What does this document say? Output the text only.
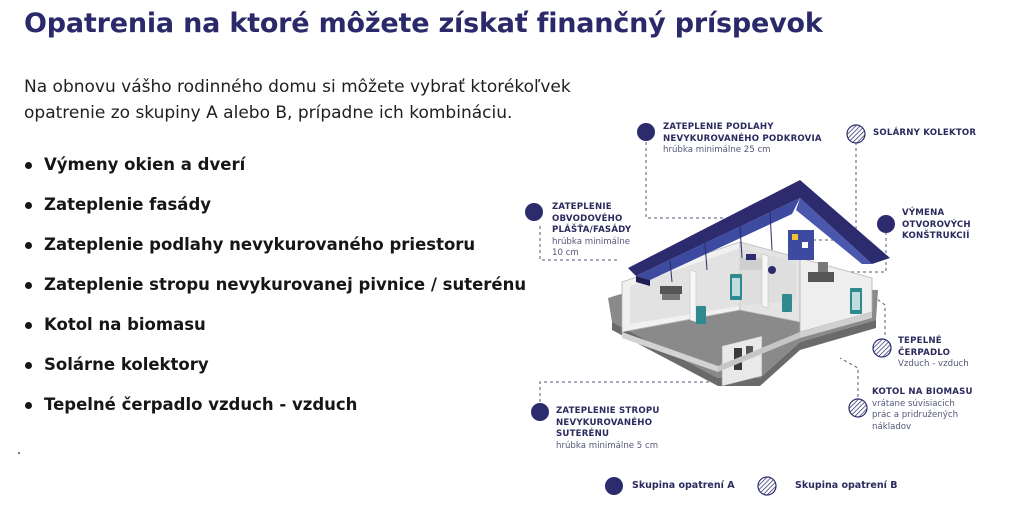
Opatrenia na ktoré môžete získať finančný príspevok
Na obnovu vášho rodinného domu si môžete vybrať ktorékoľvek
opatrenie zo skupiny A alebo B, prípadne ich kombináciu.
Výmeny okien a dverí
Zateplenie fasády
Zateplenie podlahy nevykurovaného priestoru
Zateplenie stropu nevykurovanej pivnice / suterénu
Kotol na biomasu
Solárne kolektory
Tepelné čerpadlo vzduch - vzduch
ZATEPLENIE PODLAHY
NEVYKUROVANÉHO PODKROVIA
hrúbka minimálne 25 cm
SOLÁRNY KOLEKTOR
ZATEPLENIE
OBVODOVÉHO
PLÁŠŤA/FASÁDY
hrúbka minimálne
10 cm
VÝMENA
OTVOROVÝCH
KONŠTRUKCIÍ
TEPELNÉ
ČERPADLO
Vzduch - vzduch
KOTOL NA BIOMASU
vrátane súvisiacich
prác a pridružených
nákladov
ZATEPLENIE STROPU
NEVYKUROVANÉHO
SUTERÉNU
hrúbka minimálne 5 cm
Skupina opatrení A	Skupina opatrení B
